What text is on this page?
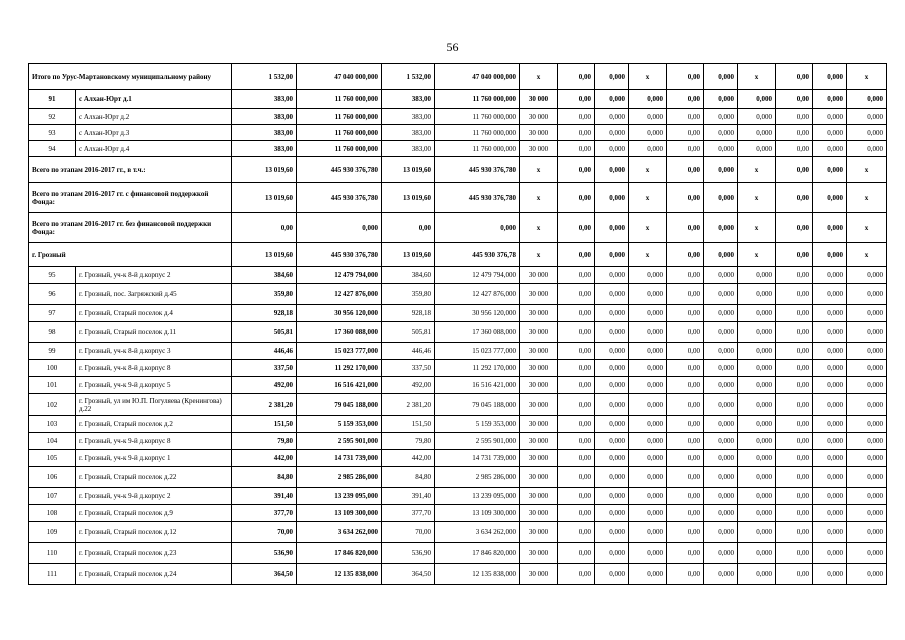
56
Итого по Урус-Мартановскому муниципальному району		1 532,00	47 040 000,000	1 532,00	47 040 000,000	x	0,00	0,000	x	0,00	0,000	x	0,00	0,000	x
91	с Алхан-Юрт д.1	383,00	11 760 000,000	383,00	11 760 000,000	30 000	0,00	0,000	0,000	0,00	0,000	0,000	0,00	0,000	0,000
92	с Алхан-Юрт д.2	383,00	11 760 000,000	383,00	11 760 000,000	30 000	0,00	0,000	0,000	0,00	0,000	0,000	0,00	0,000	0,000
93	с Алхан-Юрт д.3	383,00	11 760 000,000	383,00	11 760 000,000	30 000	0,00	0,000	0,000	0,00	0,000	0,000	0,00	0,000	0,000
94	с Алхан-Юрт д.4	383,00	11 760 000,000	383,00	11 760 000,000	30 000	0,00	0,000	0,000	0,00	0,000	0,000	0,00	0,000	0,000
Всего по этапам 2016-2017 гг., в т.ч.:		13 019,60	445 930 376,780	13 019,60	445 930 376,780	x	0,00	0,000	x	0,00	0,000	x	0,00	0,000	x
Всего по этапам 2016-2017 гг. с финансовой поддержкой Фонда:		13 019,60	445 930 376,780	13 019,60	445 930 376,780	x	0,00	0,000	x	0,00	0,000	x	0,00	0,000	x
Всего по этапам 2016-2017 гг. без финансовой поддержки Фонда:		0,00	0,000	0,00	0,000	x	0,00	0,000	x	0,00	0,000	x	0,00	0,000	x
г. Грозный		13 019,60	445 930 376,780	13 019,60	445 930 376,78	x	0,00	0,000	x	0,00	0,000	x	0,00	0,000	x
95	г. Грозный, уч-к 8-й д.корпус 2	384,60	12 479 794,000	384,60	12 479 794,000	30 000	0,00	0,000	0,000	0,00	0,000	0,000	0,00	0,000	0,000
96	г. Грозный, пос. Загряжский д.45	359,80	12 427 876,000	359,80	12 427 876,000	30 000	0,00	0,000	0,000	0,00	0,000	0,000	0,00	0,000	0,000
97	г. Грозный, Старый поселок д.4	928,18	30 956 120,000	928,18	30 956 120,000	30 000	0,00	0,000	0,000	0,00	0,000	0,000	0,00	0,000	0,000
98	г. Грозный, Старый поселок д.11	505,81	17 360 088,000	505,81	17 360 088,000	30 000	0,00	0,000	0,000	0,00	0,000	0,000	0,00	0,000	0,000
99	г. Грозный, уч-к 8-й д.корпус 3	446,46	15 023 777,000	446,46	15 023 777,000	30 000	0,00	0,000	0,000	0,00	0,000	0,000	0,00	0,000	0,000
100	г. Грозный, уч-к 8-й д.корпус 8	337,50	11 292 170,000	337,50	11 292 170,000	30 000	0,00	0,000	0,000	0,00	0,000	0,000	0,00	0,000	0,000
101	г. Грозный, уч-к 9-й д.корпус 5	492,00	16 516 421,000	492,00	16 516 421,000	30 000	0,00	0,000	0,000	0,00	0,000	0,000	0,00	0,000	0,000
102	г. Грозный, ул им Ю.П. Погуляева (Кренингова) д.22	2 381,20	79 045 188,000	2 381,20	79 045 188,000	30 000	0,00	0,000	0,000	0,00	0,000	0,000	0,00	0,000	0,000
103	г. Грозный, Старый поселок д.2	151,50	5 159 353,000	151,50	5 159 353,000	30 000	0,00	0,000	0,000	0,00	0,000	0,000	0,00	0,000	0,000
104	г. Грозный, уч-к 9-й д.корпус 8	79,80	2 595 901,000	79,80	2 595 901,000	30 000	0,00	0,000	0,000	0,00	0,000	0,000	0,00	0,000	0,000
105	г. Грозный, уч-к 9-й д.корпус 1	442,00	14 731 739,000	442,00	14 731 739,000	30 000	0,00	0,000	0,000	0,00	0,000	0,000	0,00	0,000	0,000
106	г. Грозный, Старый поселок д.22	84,80	2 985 286,000	84,80	2 985 286,000	30 000	0,00	0,000	0,000	0,00	0,000	0,000	0,00	0,000	0,000
107	г. Грозный, уч-к 9-й д.корпус 2	391,40	13 239 095,000	391,40	13 239 095,000	30 000	0,00	0,000	0,000	0,00	0,000	0,000	0,00	0,000	0,000
108	г. Грозный, Старый поселок д.9	377,70	13 109 300,000	377,70	13 109 300,000	30 000	0,00	0,000	0,000	0,00	0,000	0,000	0,00	0,000	0,000
109	г. Грозный, Старый поселок д.12	70,00	3 634 262,000	70,00	3 634 262,000	30 000	0,00	0,000	0,000	0,00	0,000	0,000	0,00	0,000	0,000
110	г. Грозный, Старый поселок д.23	536,90	17 846 820,000	536,90	17 846 820,000	30 000	0,00	0,000	0,000	0,00	0,000	0,000	0,00	0,000	0,000
111	г. Грозный, Старый поселок д.24	364,50	12 135 838,000	364,50	12 135 838,000	30 000	0,00	0,000	0,000	0,00	0,000	0,000	0,00	0,000	0,000
